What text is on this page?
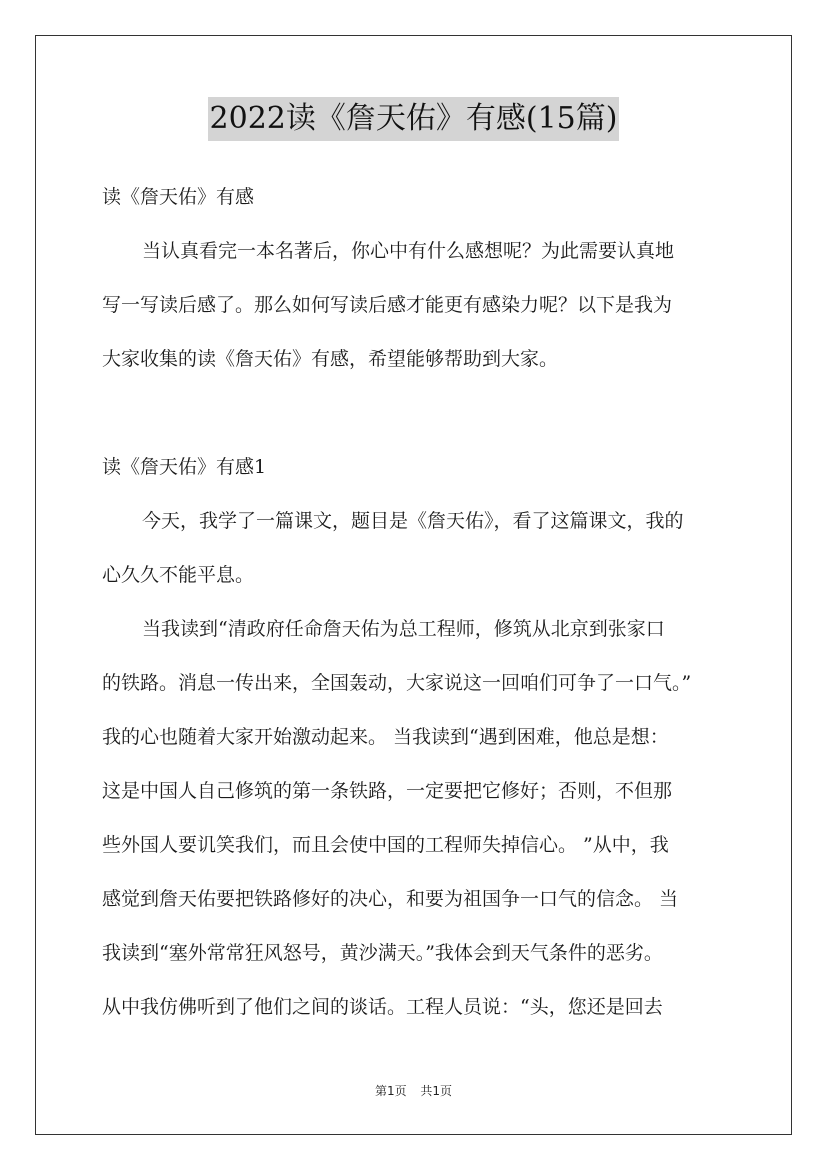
2022读《詹天佑》有感(15篇)
读《詹天佑》有感
当认真看完一本名著后，你心中有什么感想呢？为此需要认真地
写一写读后感了。那么如何写读后感才能更有感染力呢？以下是我为
大家收集的读《詹天佑》有感，希望能够帮助到大家。
读《詹天佑》有感1
今天，我学了一篇课文，题目是《詹天佑》，看了这篇课文，我的
心久久不能平息。
当我读到“清政府任命詹天佑为总工程师，修筑从北京到张家口
的铁路。消息一传出来，全国轰动，大家说这一回咱们可争了一口气。”
我的心也随着大家开始激动起来。 当我读到“遇到困难，他总是想：
这是中国人自己修筑的第一条铁路，一定要把它修好；否则，不但那
些外国人要讥笑我们，而且会使中国的工程师失掉信心。 ”从中，我
感觉到詹天佑要把铁路修好的决心，和要为祖国争一口气的信念。 当
我读到“塞外常常狂风怒号，黄沙满天。”我体会到天气条件的恶劣。
从中我仿佛听到了他们之间的谈话。工程人员说：“头，您还是回去
第1页 共1页
